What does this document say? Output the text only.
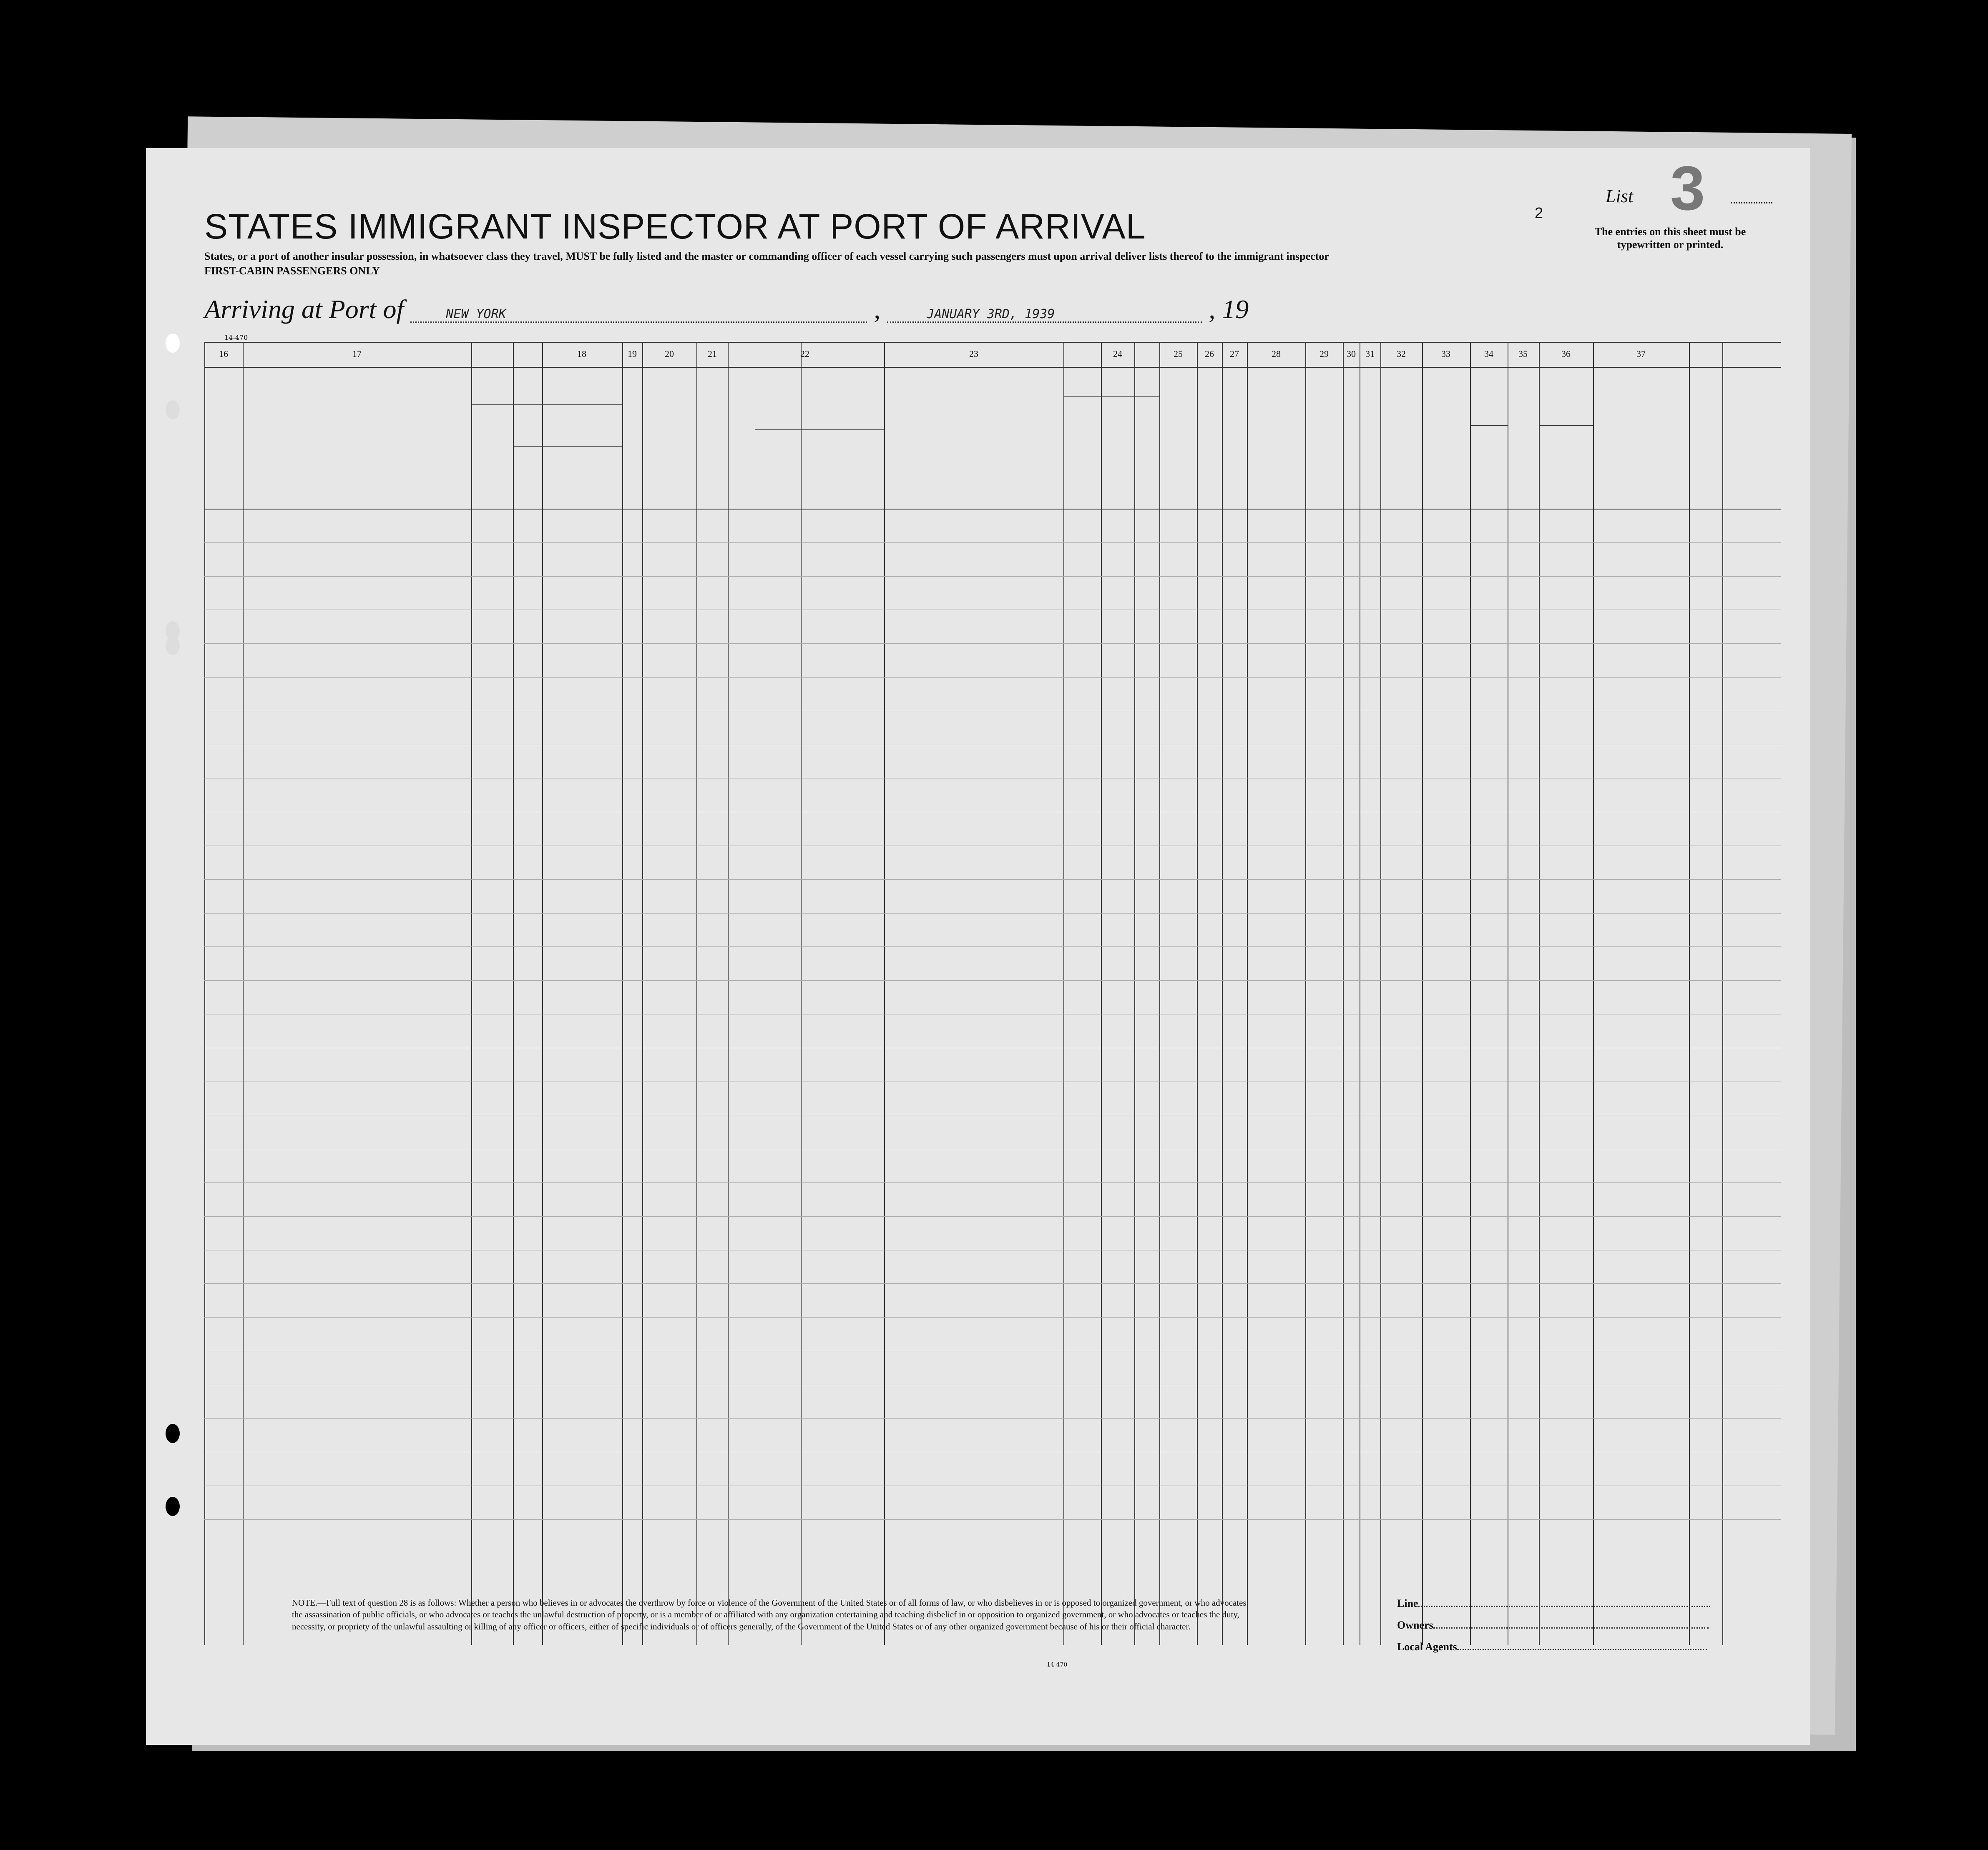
STATES IMMIGRANT INSPECTOR AT PORT OF ARRIVAL
States, or a port of another insular possession, in whatsoever class they travel, MUST be fully listed and the master or commanding officer of each vessel carrying such passengers must upon arrival deliver lists thereof to the immigrant inspector
FIRST-CABIN PASSENGERS ONLY
2
List 3
The entries on this sheet must be typewritten or printed.
Arriving at Port of	NEW YORK	,	JANUARY 3RD, 1939	, 19
14-470
16	17	18	19	20	21	22	23	24	25	26	27	28	29	30	31	32	33	34	35	36	37
NOTE.—Full text of question 28 is as follows: Whether a person who believes in or advocates the overthrow by force or violence of the Government of the United States or of all forms of law, or who disbelieves in or is opposed to organized government, or who advocates the assassination of public officials, or who advocates or teaches the unlawful destruction of property, or is a member of or affiliated with any organization entertaining and teaching disbelief in or opposition to organized government, or who advocates or teaches the duty, necessity, or propriety of the unlawful assaulting or killing of any officer or officers, either of specific individuals or of officers generally, of the Government of the United States or of any other organized government because of his or their official character.
14-470
Line
Owners
Local Agents
